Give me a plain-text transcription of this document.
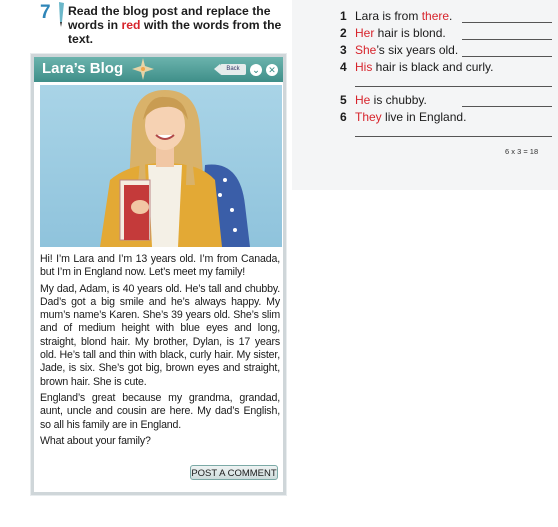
7 Read the blog post and replace the words in red with the words from the text.
Lara’s Blog	Back	⌄ ✕

Hi! I’m Lara and I’m 13 years old. I’m from Canada, but I’m in England now. Let’s meet my family!

My dad, Adam, is 40 years old. He’s tall and chubby. Dad’s got a big smile and he’s always happy. My mum’s name’s Karen. She’s 39 years old. She’s slim and of medium height with blue eyes and long, straight, blond hair. My brother, Dylan, is 17 years old. He’s tall and thin with black, curly hair. My sister, Jade, is six. She’s got big, brown eyes and straight, brown hair. She is cute.

England’s great because my grandma, grandad, aunt, uncle and cousin are here. My dad’s English, so all his family are in England.

What about your family?

POST A COMMENT
1 Lara is from there.
2 Her hair is blond.
3 She’s six years old.
4 His hair is black and curly.
5 He is chubby.
6 They live in England.
6 x 3 = 18
